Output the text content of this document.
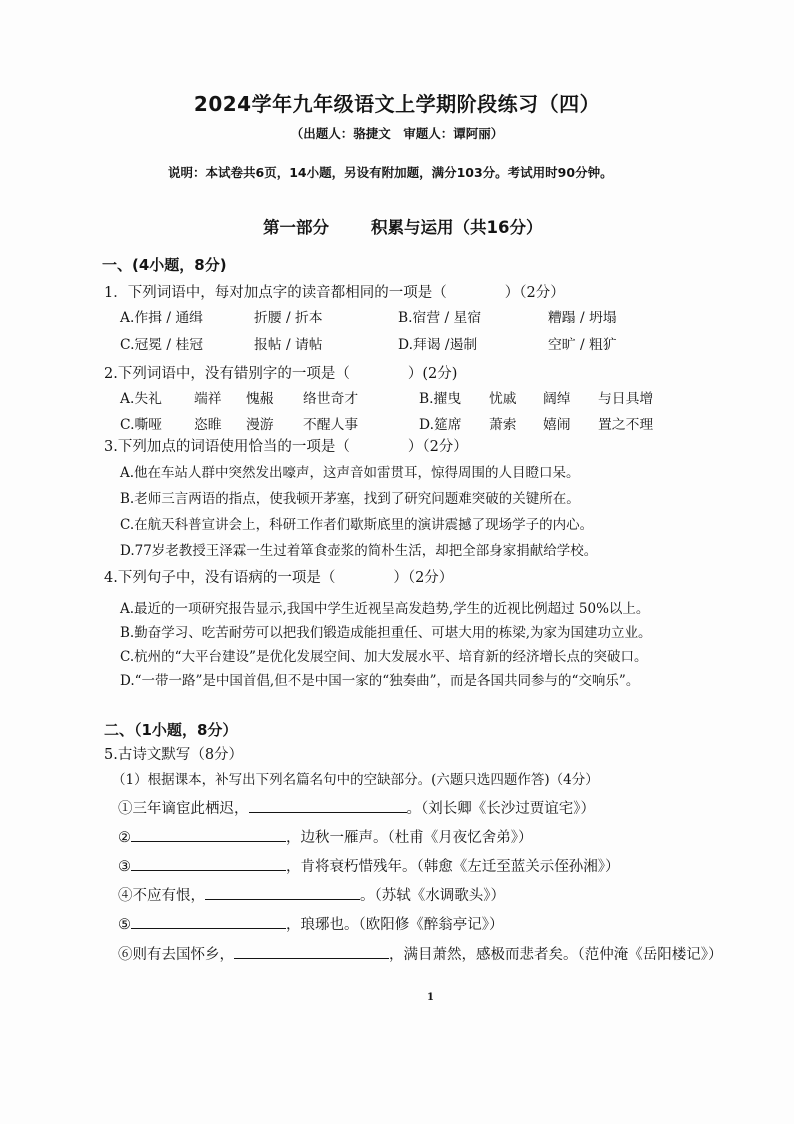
2024学年九年级语文上学期阶段练习（四）
（出题人：骆捷文　审题人：谭阿丽）
说明：本试卷共6页，14小题，另设有附加题，满分103分。考试用时90分钟。
第一部分	积累与运用（共16分）
一、(4小题，8分)
1．下列词语中，每对加点字的读音都相同的一项是（　　　　）（2分）
A.作揖 / 通缉	折腰 / 折本	B.宿营 / 星宿	糟蹋 / 坍塌
C.冠冕 / 桂冠	报帖 / 请帖	D.拜谒 /遏制	空旷 / 粗犷
2.下列词语中，没有错别字的一项是（　　　　）(2分)
A.失礼 端祥 愧赧 络世奇才	B.擢曳 忧戚 阔绰 与日具增
C.嘶哑 恣睢 漫游 不醒人事	D.筵席 萧索 嬉闹 置之不理
3.下列加点的词语使用恰当的一项是（　　　　）（2分）
A.他在车站人群中突然发出嚎声，这声音如雷贯耳，惊得周围的人目瞪口呆。
B.老师三言两语的指点，使我顿开茅塞，找到了研究问题难突破的关键所在。
C.在航天科普宣讲会上，科研工作者们歇斯底里的演讲震撼了现场学子的内心。
D.77岁老教授王泽霖一生过着箪食壶浆的简朴生活，却把全部身家捐献给学校。
4.下列句子中，没有语病的一项是（　　　　）（2分）
A.最近的一项研究报告显示,我国中学生近视呈高发趋势,学生的近视比例超过 50%以上。
B.勤奋学习、吃苦耐劳可以把我们锻造成能担重任、可堪大用的栋梁,为家为国建功立业。
C.杭州的“大平台建设”是优化发展空间、加大发展水平、培育新的经济增长点的突破口。
D.“一带一路”是中国首倡,但不是中国一家的“独奏曲”，而是各国共同参与的“交响乐”。
二、（1小题，8分）
5.古诗文默写（8分）
（1）根据课本，补写出下列名篇名句中的空缺部分。(六题只选四题作答)（4分）
①三年谪宦此栖迟，	。（刘长卿《长沙过贾谊宅》）
②	，边秋一雁声。（杜甫《月夜忆舍弟》）
③	，肯将衰朽惜残年。（韩愈《左迁至蓝关示侄孙湘》）
④不应有恨，	。（苏轼《水调歌头》）
⑤	，琅琊也。（欧阳修《醉翁亭记》）
⑥则有去国怀乡，	，满目萧然，感极而悲者矣。（范仲淹《岳阳楼记》）
1
